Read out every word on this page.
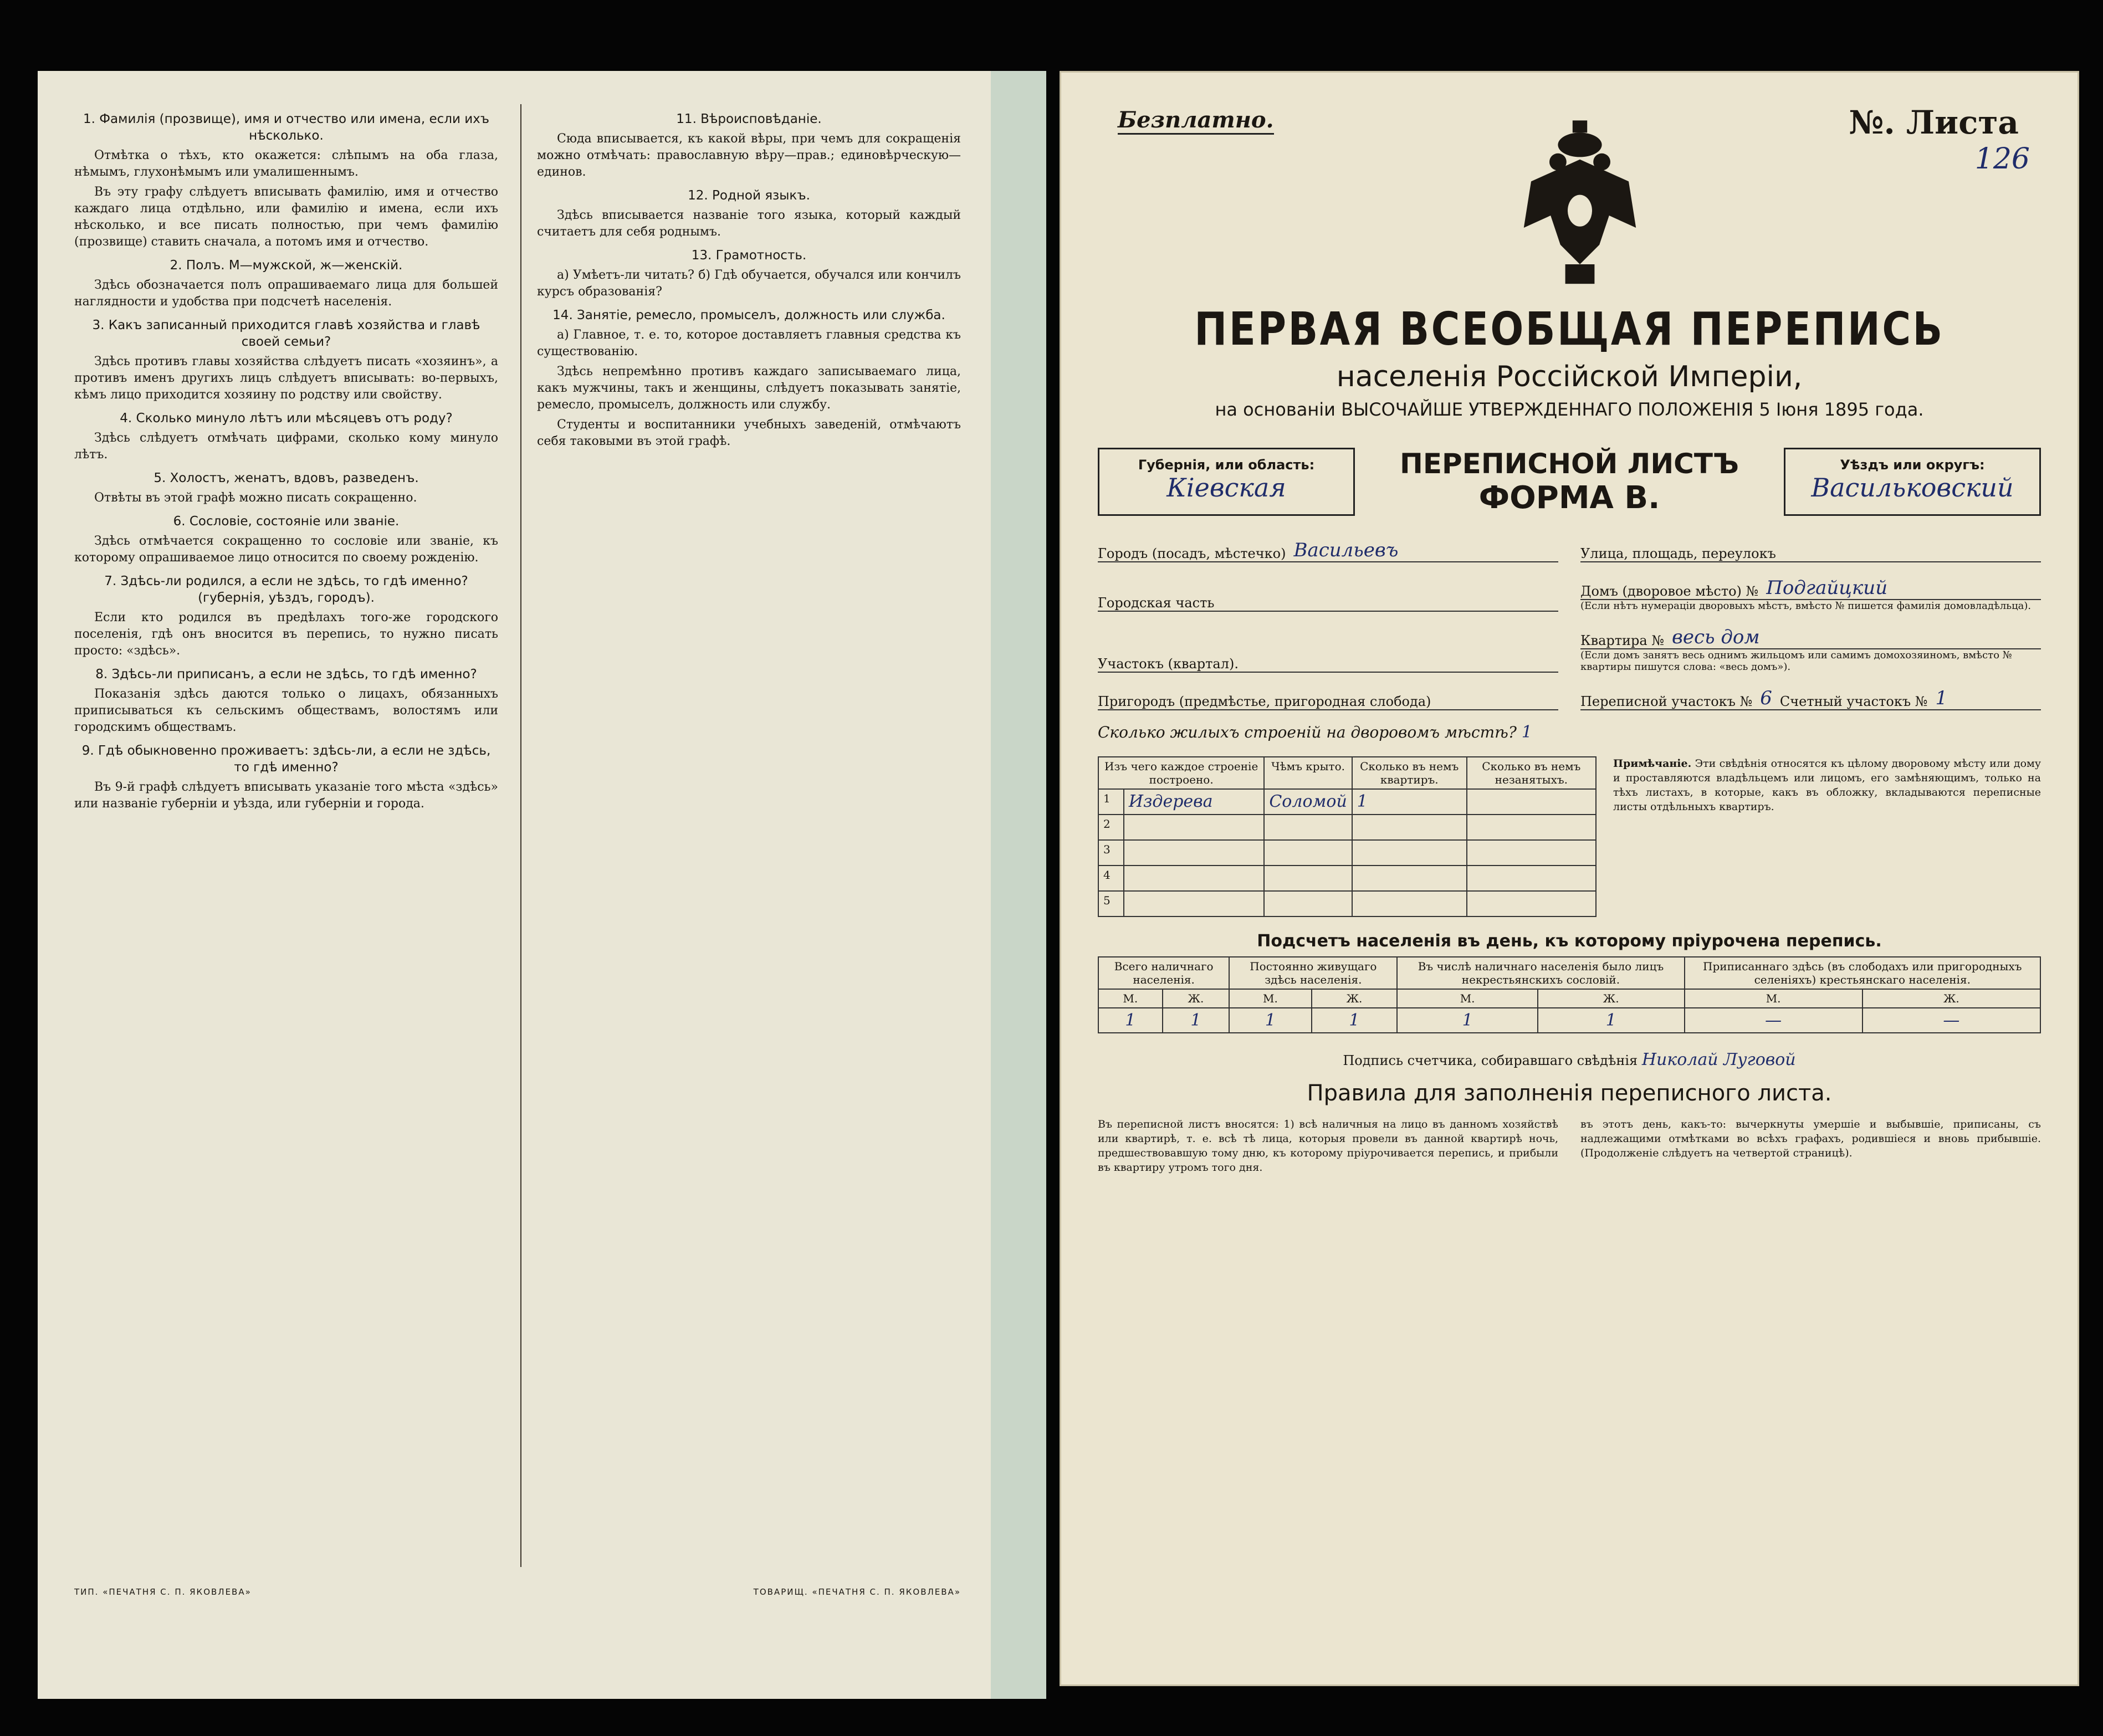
1. Фамилія (прозвище), имя и отчество или имена, если ихъ нѣсколько.

Отмѣтка о тѣхъ, кто окажется: слѣпымъ на оба глаза, нѣмымъ, глухонѣмымъ или умалишеннымъ.

Въ эту графу слѣдуетъ вписывать фамилію, имя и отчество каждаго лица отдѣльно, или фамилію и имена, если ихъ нѣсколько, и все писать полностью, при чемъ фамилію (прозвище) ставить сначала, а потомъ имя и отчество.

2. Полъ. М—мужской, ж—женскій.

Здѣсь обозначается полъ опрашиваемаго лица для большей наглядности и удобства при подсчетѣ населенія.

3. Какъ записанный приходится главѣ хозяйства и главѣ своей семьи?

Здѣсь противъ главы хозяйства слѣдуетъ писать «хозяинъ», а противъ именъ другихъ лицъ слѣдуетъ вписывать: во-первыхъ, кѣмъ лицо приходится хозяину по родству или свойству.

4. Сколько минуло лѣтъ или мѣсяцевъ отъ роду?

Здѣсь слѣдуетъ отмѣчать цифрами, сколько кому минуло лѣтъ.

5. Холостъ, женатъ, вдовъ, разведенъ.

Отвѣты въ этой графѣ можно писать сокращенно.

6. Сословіе, состояніе или званіе.

Здѣсь отмѣчается сокращенно то сословіе или званіе, къ которому опрашиваемое лицо относится по своему рожденію.

7. Здѣсь-ли родился, а если не здѣсь, то гдѣ именно? (губернія, уѣздъ, городъ).

Если кто родился въ предѣлахъ того-же городского поселенія, гдѣ онъ вносится въ перепись, то нужно писать просто: «здѣсь».

8. Здѣсь-ли приписанъ, а если не здѣсь, то гдѣ именно?

Показанія здѣсь даются только о лицахъ, обязанныхъ приписываться къ сельскимъ обществамъ, волостямъ или городскимъ обществамъ.

9. Гдѣ обыкновенно проживаетъ: здѣсь-ли, а если не здѣсь, то гдѣ именно?

Въ 9-й графѣ слѣдуетъ вписывать указаніе того мѣста «здѣсь» или названіе губерніи и уѣзда, или губерніи и города.

11. Вѣроисповѣданіе.

Сюда вписывается, къ какой вѣры, при чемъ для сокращенія можно отмѣчать: православную вѣру—прав.; единовѣрческую—единов.

12. Родной языкъ.

Здѣсь вписывается названіе того языка, который каждый считаетъ для себя роднымъ.

13. Грамотность.

а) Умѣетъ-ли читать? б) Гдѣ обучается, обучался или кончилъ курсъ образованія?

14. Занятіе, ремесло, промыселъ, должность или служба.

а) Главное, т. е. то, которое доставляетъ главныя средства къ существованію.

Здѣсь непремѣнно противъ каждаго записываемаго лица, какъ мужчины, такъ и женщины, слѣдуетъ показывать занятіе, ремесло, промыселъ, должность или службу.

Студенты и воспитанники учебныхъ заведеній, отмѣчаютъ себя таковыми въ этой графѣ.

ТИП. «ПЕЧАТНЯ С. П. ЯКОВЛЕВА»	ТОВАРИЩ. «ПЕЧАТНЯ С. П. ЯКОВЛЕВА»
Безплатно.	№. Листа
126
ПЕРВАЯ ВСЕОБЩАЯ ПЕРЕПИСЬ
населенія Россійской Имперіи,
на основаніи ВЫСОЧАЙШЕ УТВЕРЖДЕННАГО ПОЛОЖЕНІЯ 5 Іюня 1895 года.
Губернія, или область:
Кіевская
ПЕРЕПИСНОЙ ЛИСТЪ
ФОРМА В.
Уѣздъ или округъ:
Васильковский
Городъ (посадъ, мѣстечко) Васильевъ	Улица, площадь, переулокъ
Городская часть
Домъ (дворовое мѣсто) № Подгайцкий
(Если нѣтъ нумераціи дворовыхъ мѣстъ, вмѣсто № пишется фамилія домовладѣльца).
Участокъ (квартал).
Квартира № весь дом
(Если домъ занятъ весь однимъ жильцомъ или самимъ домохозяиномъ, вмѣсто № квартиры пишутся слова: «весь домъ»).
Пригородъ (предмѣстье, пригородная слобода)	Переписной участокъ № 6 Счетный участокъ № 1
Сколько жилыхъ строеній на дворовомъ мѣстѣ? 1
Изъ чего каждое строеніе построено.		Чѣмъ крыто.	Сколько въ немъ квартиръ.	Сколько въ немъ незанятыхъ.
1	Издерева	Соломой	1	
2				
3				
4				
5				
Примѣчаніе. Эти свѣдѣнія относятся къ цѣлому дворовому мѣсту или дому и проставляются владѣльцемъ или лицомъ, его замѣняющимъ, только на тѣхъ листахъ, в которые, какъ въ обложку, вкладываются переписные листы отдѣльныхъ квартиръ.
Подсчетъ населенія въ день, къ которому пріурочена перепись.
Всего наличнаго населенія.		Постоянно живущаго здѣсь населенія.		Въ числѣ наличнаго населенія было лицъ некрестьянскихъ сословій.		Приписаннаго здѣсь (въ слободахъ или пригородныхъ селеніяхъ) крестьянскаго населенія.	
М.	Ж.	М.	Ж.	М.	Ж.	М.	Ж.
1	1	1	1	1	1	—	—
Подпись счетчика, собиравшаго свѣдѣнія Николай Луговой
Правила для заполненія переписного листа.
Въ переписной листъ вносятся: 1) всѣ наличныя на лицо въ данномъ хозяйствѣ или квартирѣ, т. е. всѣ тѣ лица, которыя провели въ данной квартирѣ ночь, предшествовавшую тому дню, къ которому пріурочивается перепись, и прибыли въ квартиру утромъ того дня.
въ этотъ день, какъ-то: вычеркнуты умершіе и выбывшіе, приписаны, съ надлежащими отмѣтками во всѣхъ графахъ, родившіеся и вновь прибывшіе. (Продолженіе слѣдуетъ на четвертой страницѣ).
